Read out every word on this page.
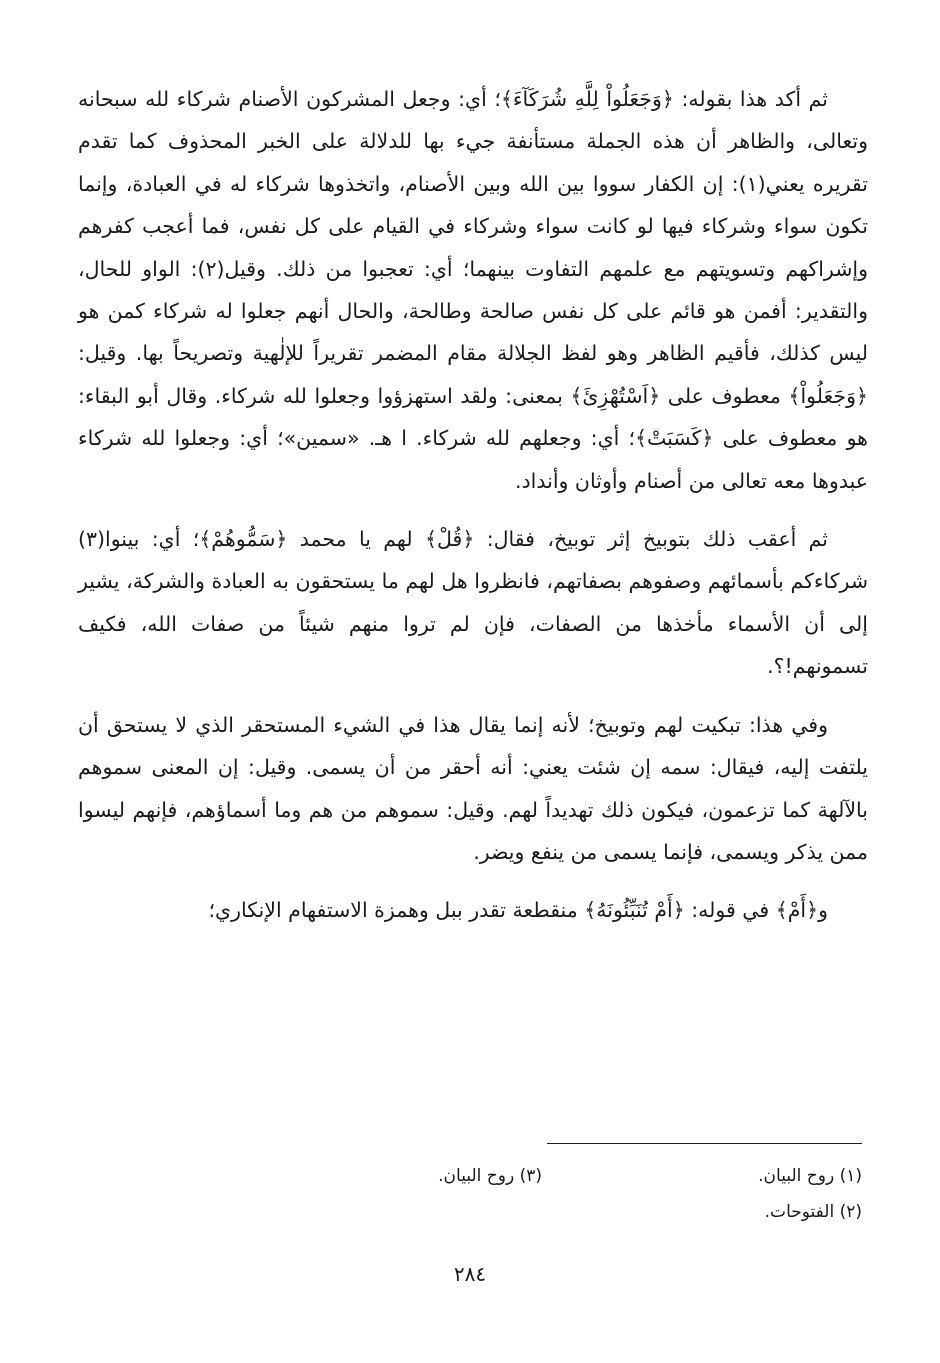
ثم أكد هذا بقوله: ﴿وَجَعَلُواْ لِلَّهِ شُرَكَآءَ﴾؛ أي: وجعل المشركون الأصنام شركاء لله سبحانه وتعالى، والظاهر أن هذه الجملة مستأنفة جيء بها للدلالة على الخبر المحذوف كما تقدم تقريره يعني(١): إن الكفار سووا بين الله وبين الأصنام، واتخذوها شركاء له في العبادة، وإنما تكون سواء وشركاء فيها لو كانت سواء وشركاء في القيام على كل نفس، فما أعجب كفرهم وإشراكهم وتسويتهم مع علمهم التفاوت بينهما؛ أي: تعجبوا من ذلك. وقيل(٢): الواو للحال، والتقدير: أفمن هو قائم على كل نفس صالحة وطالحة، والحال أنهم جعلوا له شركاء كمن هو ليس كذلك، فأقيم الظاهر وهو لفظ الجلالة مقام المضمر تقريراً للإلٰهية وتصريحاً بها. وقيل: ﴿وَجَعَلُواْ﴾ معطوف على ﴿اَسْتُهْزِئَ﴾ بمعنى: ولقد استهزؤوا وجعلوا لله شركاء. وقال أبو البقاء: هو معطوف على ﴿كَسَبَتْ﴾؛ أي: وجعلهم لله شركاء. ا هـ. «سمين»؛ أي: وجعلوا لله شركاء عبدوها معه تعالى من أصنام وأوثان وأنداد.

ثم أعقب ذلك بتوبيخ إثر توبيخ، فقال: ﴿قُلْ﴾ لهم يا محمد ﴿سَمُّوهُمْ﴾؛ أي: بينوا(٣) شركاءكم بأسمائهم وصفوهم بصفاتهم، فانظروا هل لهم ما يستحقون به العبادة والشركة، يشير إلى أن الأسماء مأخذها من الصفات، فإن لم تروا منهم شيئاً من صفات الله، فكيف تسمونهم!؟.

وفي هذا: تبكيت لهم وتوبيخ؛ لأنه إنما يقال هذا في الشيء المستحقر الذي لا يستحق أن يلتفت إليه، فيقال: سمه إن شئت يعني: أنه أحقر من أن يسمى. وقيل: إن المعنى سموهم بالآلهة كما تزعمون، فيكون ذلك تهديداً لهم. وقيل: سموهم من هم وما أسماؤهم، فإنهم ليسوا ممن يذكر ويسمى، فإنما يسمى من ينفع ويضر.

و﴿أَمْ﴾ في قوله: ﴿أَمْ تُنَبِّئُونَهُ﴾ منقطعة تقدر ببل وهمزة الاستفهام الإنكاري؛

(١) روح البيان.
(٣) روح البيان.
(٢) الفتوحات.
٢٨٤
